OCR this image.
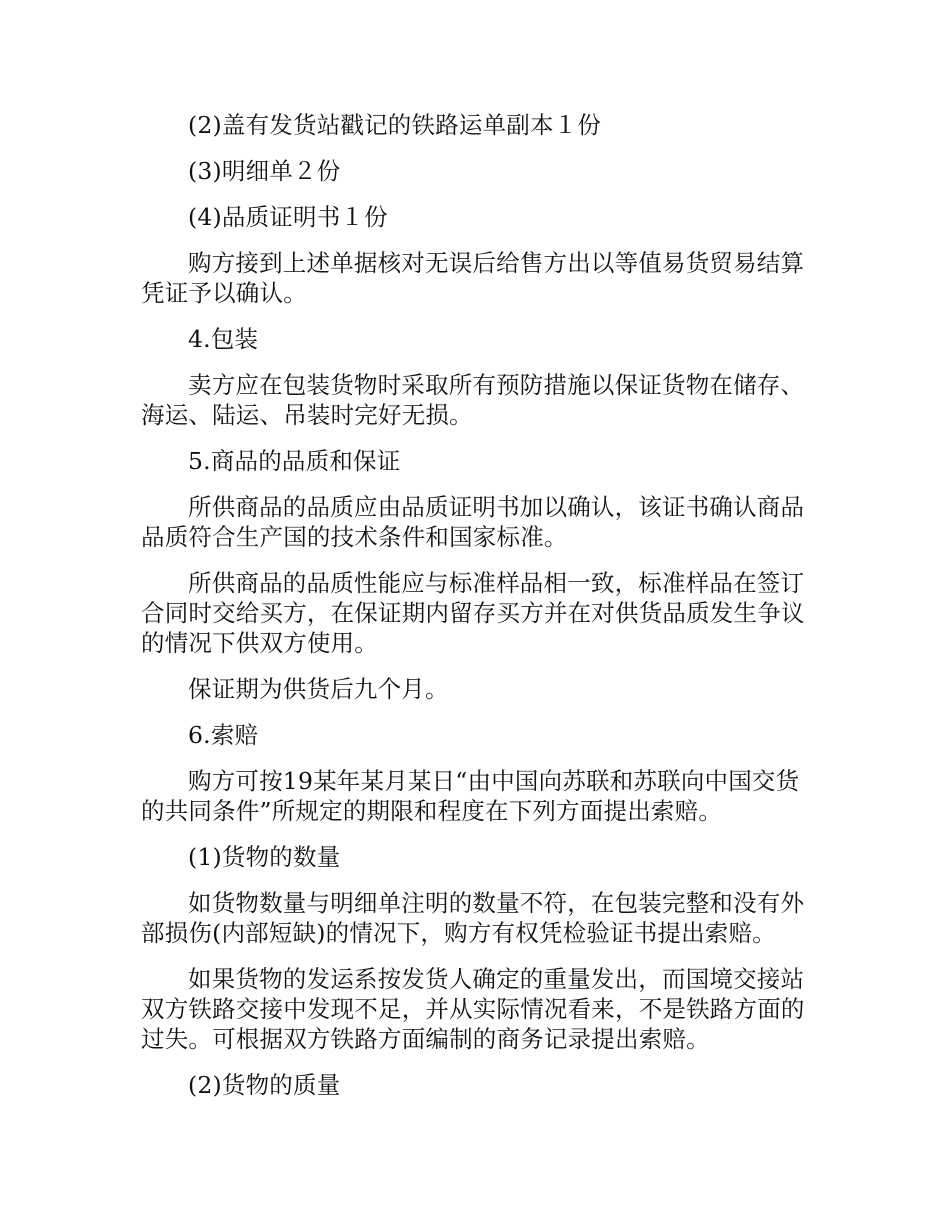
(2)盖有发货站戳记的铁路运单副本１份

(3)明细单２份

(4)品质证明书１份

购方接到上述单据核对无误后给售方出以等值易货贸易结算凭证予以确认。

4.包装

卖方应在包装货物时采取所有预防措施以保证货物在储存、海运、陆运、吊装时完好无损。

5.商品的品质和保证

所供商品的品质应由品质证明书加以确认，该证书确认商品品质符合生产国的技术条件和国家标准。

所供商品的品质性能应与标准样品相一致，标准样品在签订合同时交给买方，在保证期内留存买方并在对供货品质发生争议的情况下供双方使用。

保证期为供货后九个月。

6.索赔

购方可按19某年某月某日“由中国向苏联和苏联向中国交货的共同条件”所规定的期限和程度在下列方面提出索赔。

(1)货物的数量

如货物数量与明细单注明的数量不符，在包装完整和没有外部损伤(内部短缺)的情况下，购方有权凭检验证书提出索赔。

如果货物的发运系按发货人确定的重量发出，而国境交接站双方铁路交接中发现不足，并从实际情况看来，不是铁路方面的过失。可根据双方铁路方面编制的商务记录提出索赔。

(2)货物的质量
